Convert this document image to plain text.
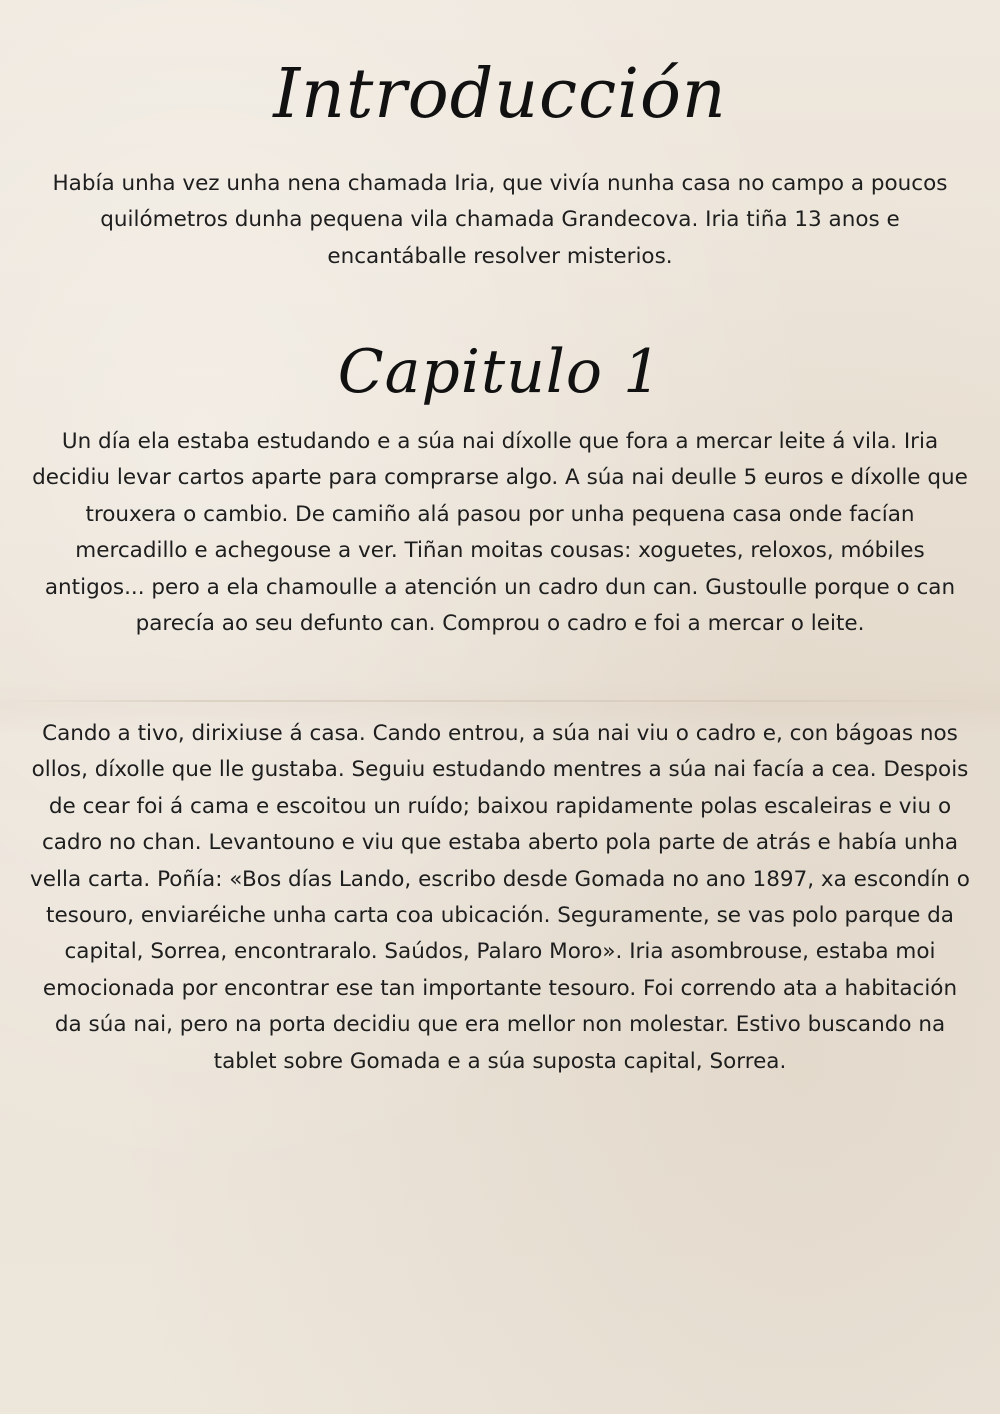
Introducción

Había unha vez unha nena chamada Iria, que vivía nunha casa no campo a poucos quilómetros dunha pequena vila chamada Grandecova. Iria tiña 13 anos e encantáballe resolver misterios.

Capitulo 1

Un día ela estaba estudando e a súa nai díxolle que fora a mercar leite á vila. Iria decidiu levar cartos aparte para comprarse algo. A súa nai deulle 5 euros e díxolle que trouxera o cambio. De camiño alá pasou por unha pequena casa onde facían mercadillo e achegouse a ver. Tiñan moitas cousas: xoguetes, reloxos, móbiles antigos... pero a ela chamoulle a atención un cadro dun can. Gustoulle porque o can parecía ao seu defunto can. Comprou o cadro e foi a mercar o leite.

Cando a tivo, dirixiuse á casa. Cando entrou, a súa nai viu o cadro e, con bágoas nos ollos, díxolle que lle gustaba. Seguiu estudando mentres a súa nai facía a cea. Despois de cear foi á cama e escoitou un ruído; baixou rapidamente polas escaleiras e viu o cadro no chan. Levantouno e viu que estaba aberto pola parte de atrás e había unha vella carta. Poñía: «Bos días Lando, escribo desde Gomada no ano 1897, xa escondín o tesouro, enviaréiche unha carta coa ubicación. Seguramente, se vas polo parque da capital, Sorrea, encontraralo. Saúdos, Palaro Moro». Iria asombrouse, estaba moi emocionada por encontrar ese tan importante tesouro. Foi correndo ata a habitación da súa nai, pero na porta decidiu que era mellor non molestar. Estivo buscando na tablet sobre Gomada e a súa suposta capital, Sorrea.
